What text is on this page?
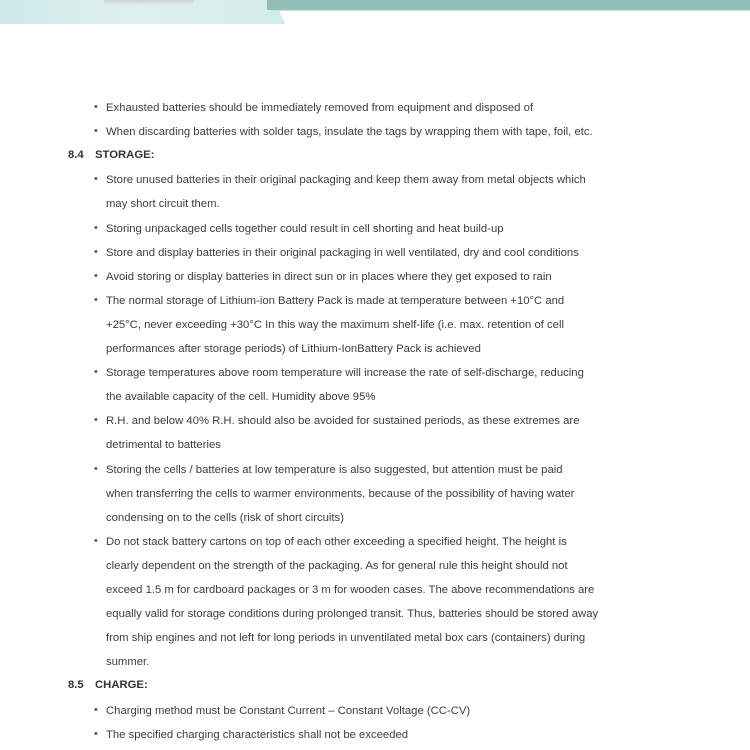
• Exhausted batteries should be immediately removed from equipment and disposed of
• When discarding batteries with solder tags, insulate the tags by wrapping them with tape, foil, etc.
8.4 STORAGE:
• Store unused batteries in their original packaging and keep them away from metal objects which
may short circuit them.
• Storing unpackaged cells together could result in cell shorting and heat build-up
• Store and display batteries in their original packaging in well ventilated, dry and cool conditions
• Avoid storing or display batteries in direct sun or in places where they get exposed to rain
• The normal storage of Lithium-ion Battery Pack is made at temperature between +10°C and
+25°C, never exceeding +30°C In this way the maximum shelf-life (i.e. max. retention of cell
performances after storage periods) of Lithium-IonBattery Pack is achieved
• Storage temperatures above room temperature will increase the rate of self-discharge, reducing
the available capacity of the cell. Humidity above 95%
• R.H. and below 40% R.H. should also be avoided for sustained periods, as these extremes are
detrimental to batteries
• Storing the cells / batteries at low temperature is also suggested, but attention must be paid
when transferring the cells to warmer environments, because of the possibility of having water
condensing on to the cells (risk of short circuits)
• Do not stack battery cartons on top of each other exceeding a specified height. The height is
clearly dependent on the strength of the packaging. As for general rule this height should not
exceed 1.5 m for cardboard packages or 3 m for wooden cases. The above recommendations are
equally valid for storage conditions during prolonged transit. Thus, batteries should be stored away
from ship engines and not left for long periods in unventilated metal box cars (containers) during
summer.
8.5 CHARGE:
• Charging method must be Constant Current – Constant Voltage (CC-CV)
• The specified charging characteristics shall not be exceeded
